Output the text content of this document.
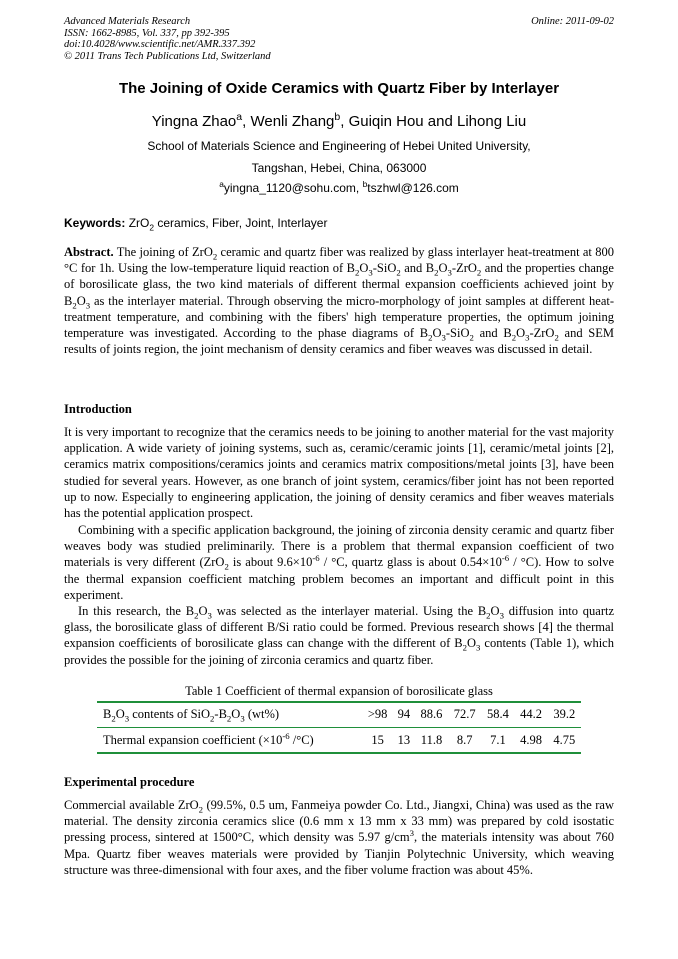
Advanced Materials Research
ISSN: 1662-8985, Vol. 337, pp 392-395
doi:10.4028/www.scientific.net/AMR.337.392
© 2011 Trans Tech Publications Ltd, Switzerland
Online: 2011-09-02
The Joining of Oxide Ceramics with Quartz Fiber by Interlayer
Yingna Zhao$^a$, Wenli Zhang$^b$, Guiqin Hou and Lihong Liu
School of Materials Science and Engineering of Hebei United University,
Tangshan, Hebei, China, 063000
$^a$yingna_1120@sohu.com, $^b$tszhwl@126.com
Keywords: ZrO$_2$ ceramics, Fiber, Joint, Interlayer
Abstract. The joining of ZrO$_2$ ceramic and quartz fiber was realized by glass interlayer heat-treatment at 800 °C for 1h. Using the low-temperature liquid reaction of $B_2O_3-SiO_2$ and $B_2O_3-ZrO_2$ and the properties change of borosilicate glass, the two kind materials of different thermal expansion coefficients achieved joint by $B_2O_3$ as the interlayer material. Through observing the micro-morphology of joint samples at different heat-treatment temperature, and combining with the fibers' high temperature properties, the optimum joining temperature was investigated. According to the phase diagrams of $B_2O_3-SiO_2$ and $B_2O_3-ZrO_2$ and SEM results of joints region, the joint mechanism of density ceramics and fiber weaves was discussed in detail.
Introduction
It is very important to recognize that the ceramics needs to be joining to another material for the vast majority application. A wide variety of joining systems, such as, ceramic/ceramic joints [1], ceramic/metal joints [2], ceramics matrix compositions/ceramics joints and ceramics matrix compositions/metal joints [3], have been studied for several years. However, as one branch of joint system, ceramics/fiber joint has not been reported up to now. Especially to engineering application, the joining of density ceramics and fiber weaves materials has the potential application prospect.
Combining with a specific application background, the joining of zirconia density ceramic and quartz fiber weaves body was studied preliminarily. There is a problem that thermal expansion coefficient of two materials is very different (ZrO$_2$ is about $9.6\times 10^{-6} / ^\circ C$, quartz glass is about $0.54\times 10^{-6} / ^\circ C$). How to solve the thermal expansion coefficient matching problem becomes an important and difficult point in this experiment.
In this research, the $B_2O_3$ was selected as the interlayer material. Using the $B_2O_3$ diffusion into quartz glass, the borosilicate glass of different B/Si ratio could be formed. Previous research shows [4] the thermal expansion coefficients of borosilicate glass can change with the different of $B_2O_3$ contents (Table 1), which provides the possible for the joining of zirconia ceramics and quartz fiber.
Table 1 Coefficient of thermal expansion of borosilicate glass
$B_2O_3$ contents of $SiO_2-B_2O_3$ (wt%)	>98	94	88.6	72.7	58.4	44.2	39.2
Thermal expansion coefficient ($\times 10^{-6}$ /°C)	15	13	11.8	8.7	7.1	4.98	4.75
Experimental procedure
Commercial available ZrO$_2$ (99.5%, 0.5 um, Fanmeiya powder Co. Ltd., Jiangxi, China) was used as the raw material. The density zirconia ceramics slice (0.6 mm x 13 mm x 33 mm) was prepared by cold isostatic pressing process, sintered at 1500°C, which density was 5.97 $g/cm^3$, the materials intensity was about 760 Mpa. Quartz fiber weaves materials were provided by Tianjin Polytechnic University, which weaving structure was three-dimensional with four axes, and the fiber volume fraction was about 45%.
